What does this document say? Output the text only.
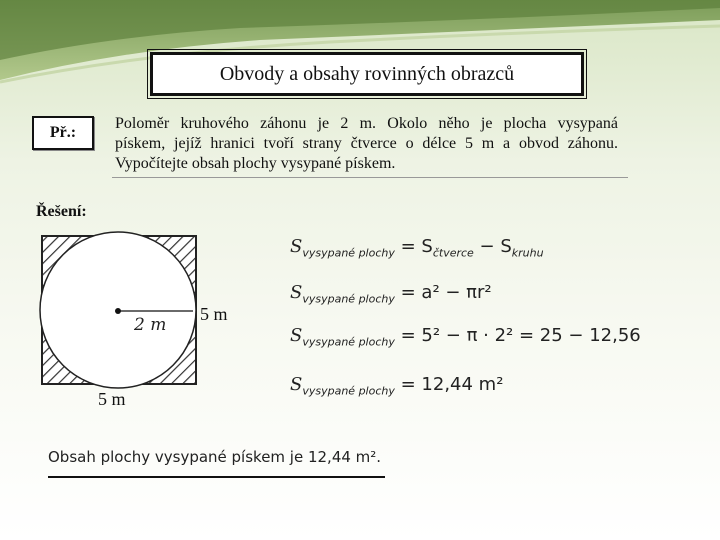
Obvody a obsahy rovinných obrazců
Př.:
Poloměr kruhového záhonu je 2 m. Okolo něho je plocha vysypaná
pískem, jejíž hranici tvoří strany čtverce o délce 5 m a obvod záhonu.
Vypočítejte obsah plochy vysypané pískem.
Řešení:
2 m
5 m
5 m
$S_{vysypané plochy} = S_{čtverce} - S_{kruhu}$
$S_{vysypané plochy} = a^2 - \pi r^2$
$S_{vysypané plochy} = 5^2 - \pi \cdot 2^2 = 25 - 12,56$
$S_{vysypané plochy} = 12,44$ m²
Obsah plochy vysypané pískem je 12,44 m².
